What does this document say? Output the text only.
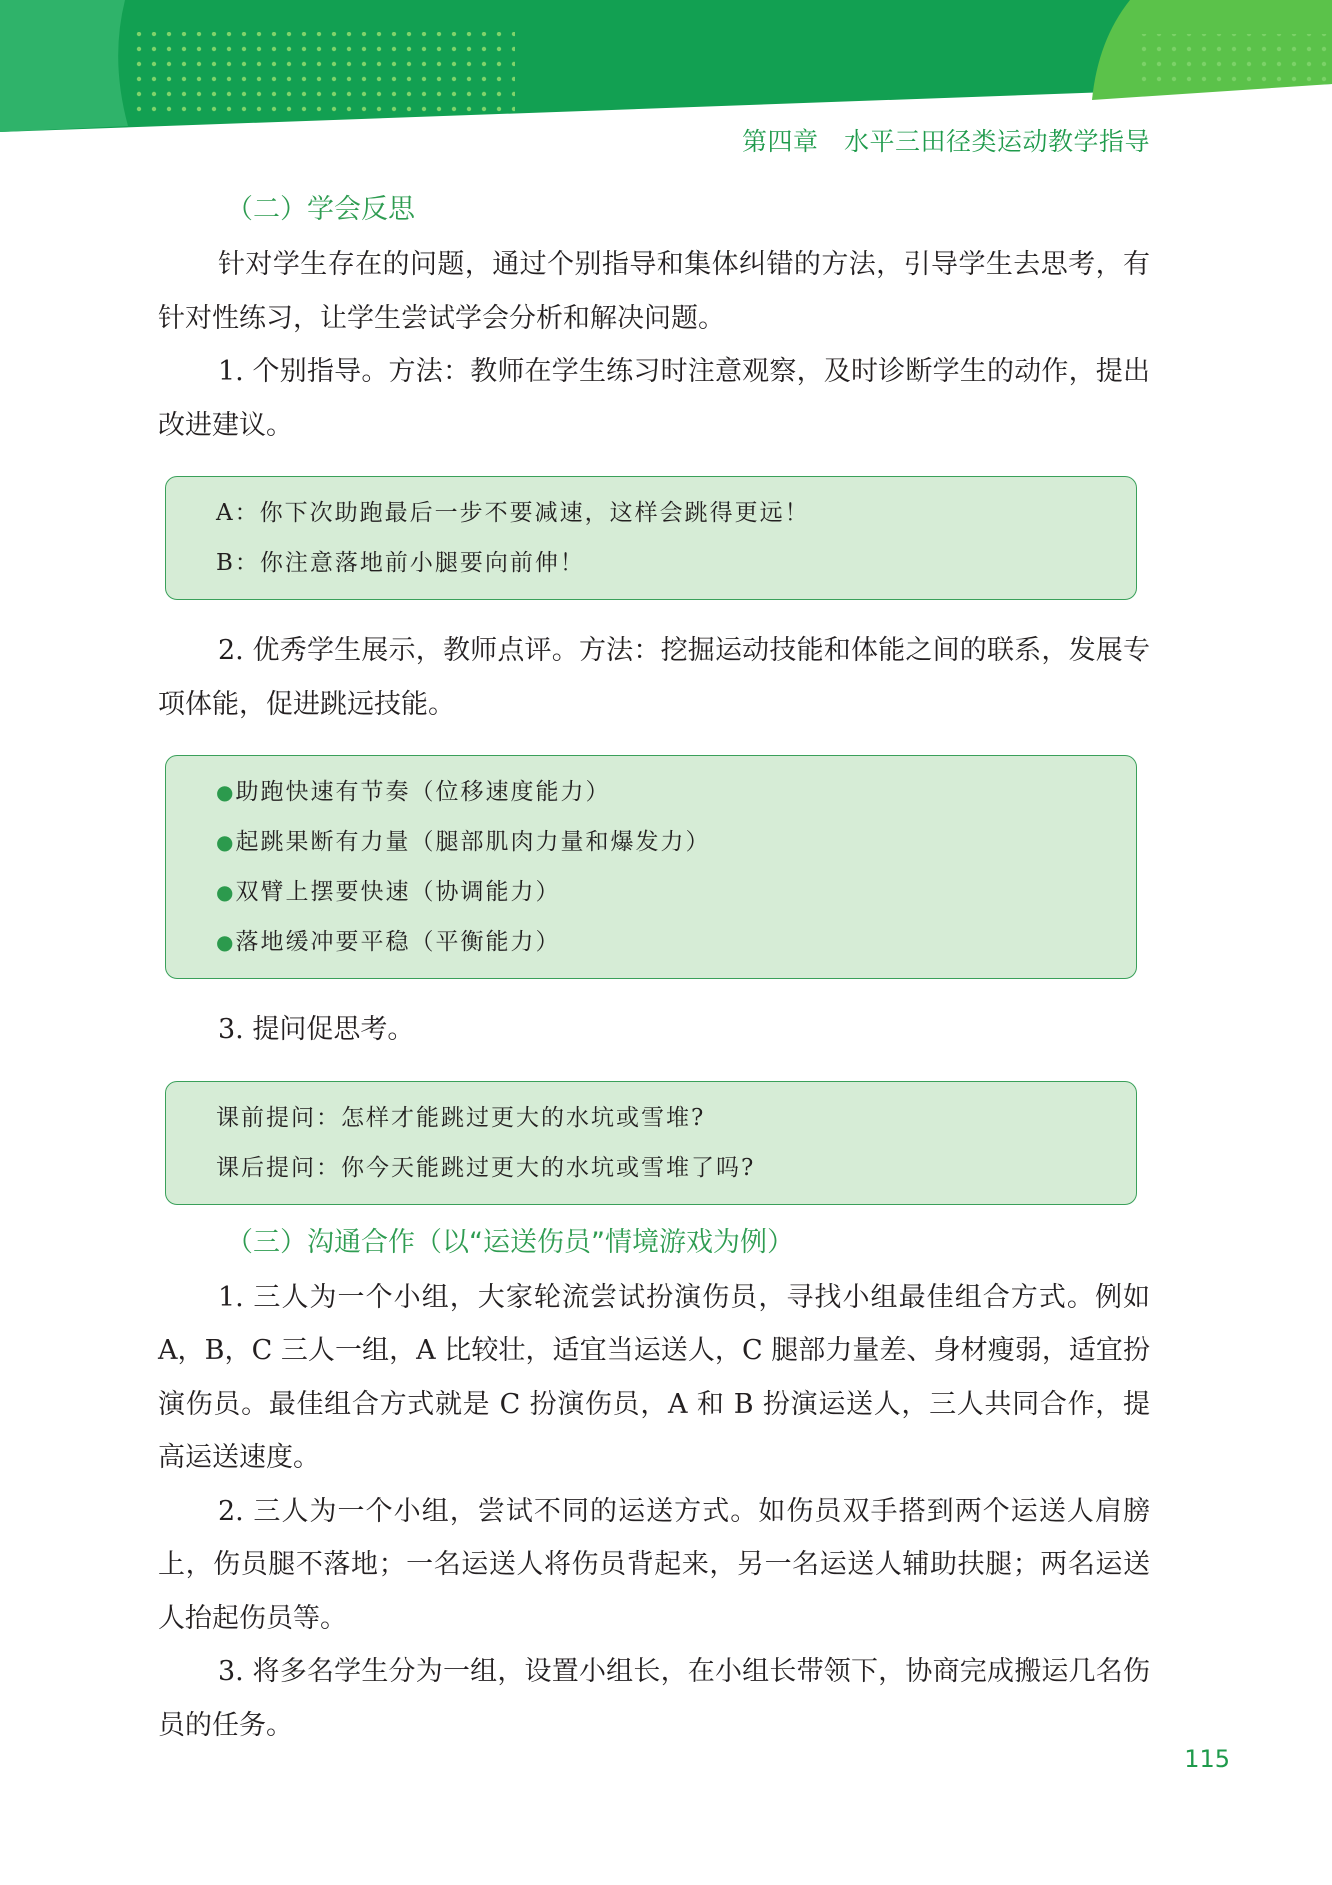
第四章　水平三田径类运动教学指导
（二）学会反思

针对学生存在的问题，通过个别指导和集体纠错的方法，引导学生去思考，有针对性练习，让学生尝试学会分析和解决问题。

1. 个别指导。方法：教师在学生练习时注意观察，及时诊断学生的动作，提出改进建议。

A：你下次助跑最后一步不要减速，这样会跳得更远！
B：你注意落地前小腿要向前伸！

2. 优秀学生展示，教师点评。方法：挖掘运动技能和体能之间的联系，发展专项体能，促进跳远技能。

●助跑快速有节奏（位移速度能力）
●起跳果断有力量（腿部肌肉力量和爆发力）
●双臂上摆要快速（协调能力）
●落地缓冲要平稳（平衡能力）

3. 提问促思考。

课前提问：怎样才能跳过更大的水坑或雪堆?
课后提问：你今天能跳过更大的水坑或雪堆了吗?
（三）沟通合作（以“运送伤员”情境游戏为例）

1. 三人为一个小组，大家轮流尝试扮演伤员，寻找小组最佳组合方式。例如 A，B，C 三人一组，A 比较壮，适宜当运送人，C 腿部力量差、身材瘦弱，适宜扮演伤员。最佳组合方式就是 C 扮演伤员，A 和 B 扮演运送人，三人共同合作，提高运送速度。

2. 三人为一个小组，尝试不同的运送方式。如伤员双手搭到两个运送人肩膀上，伤员腿不落地；一名运送人将伤员背起来，另一名运送人辅助扶腿；两名运送人抬起伤员等。

3. 将多名学生分为一组，设置小组长，在小组长带领下，协商完成搬运几名伤员的任务。

115
